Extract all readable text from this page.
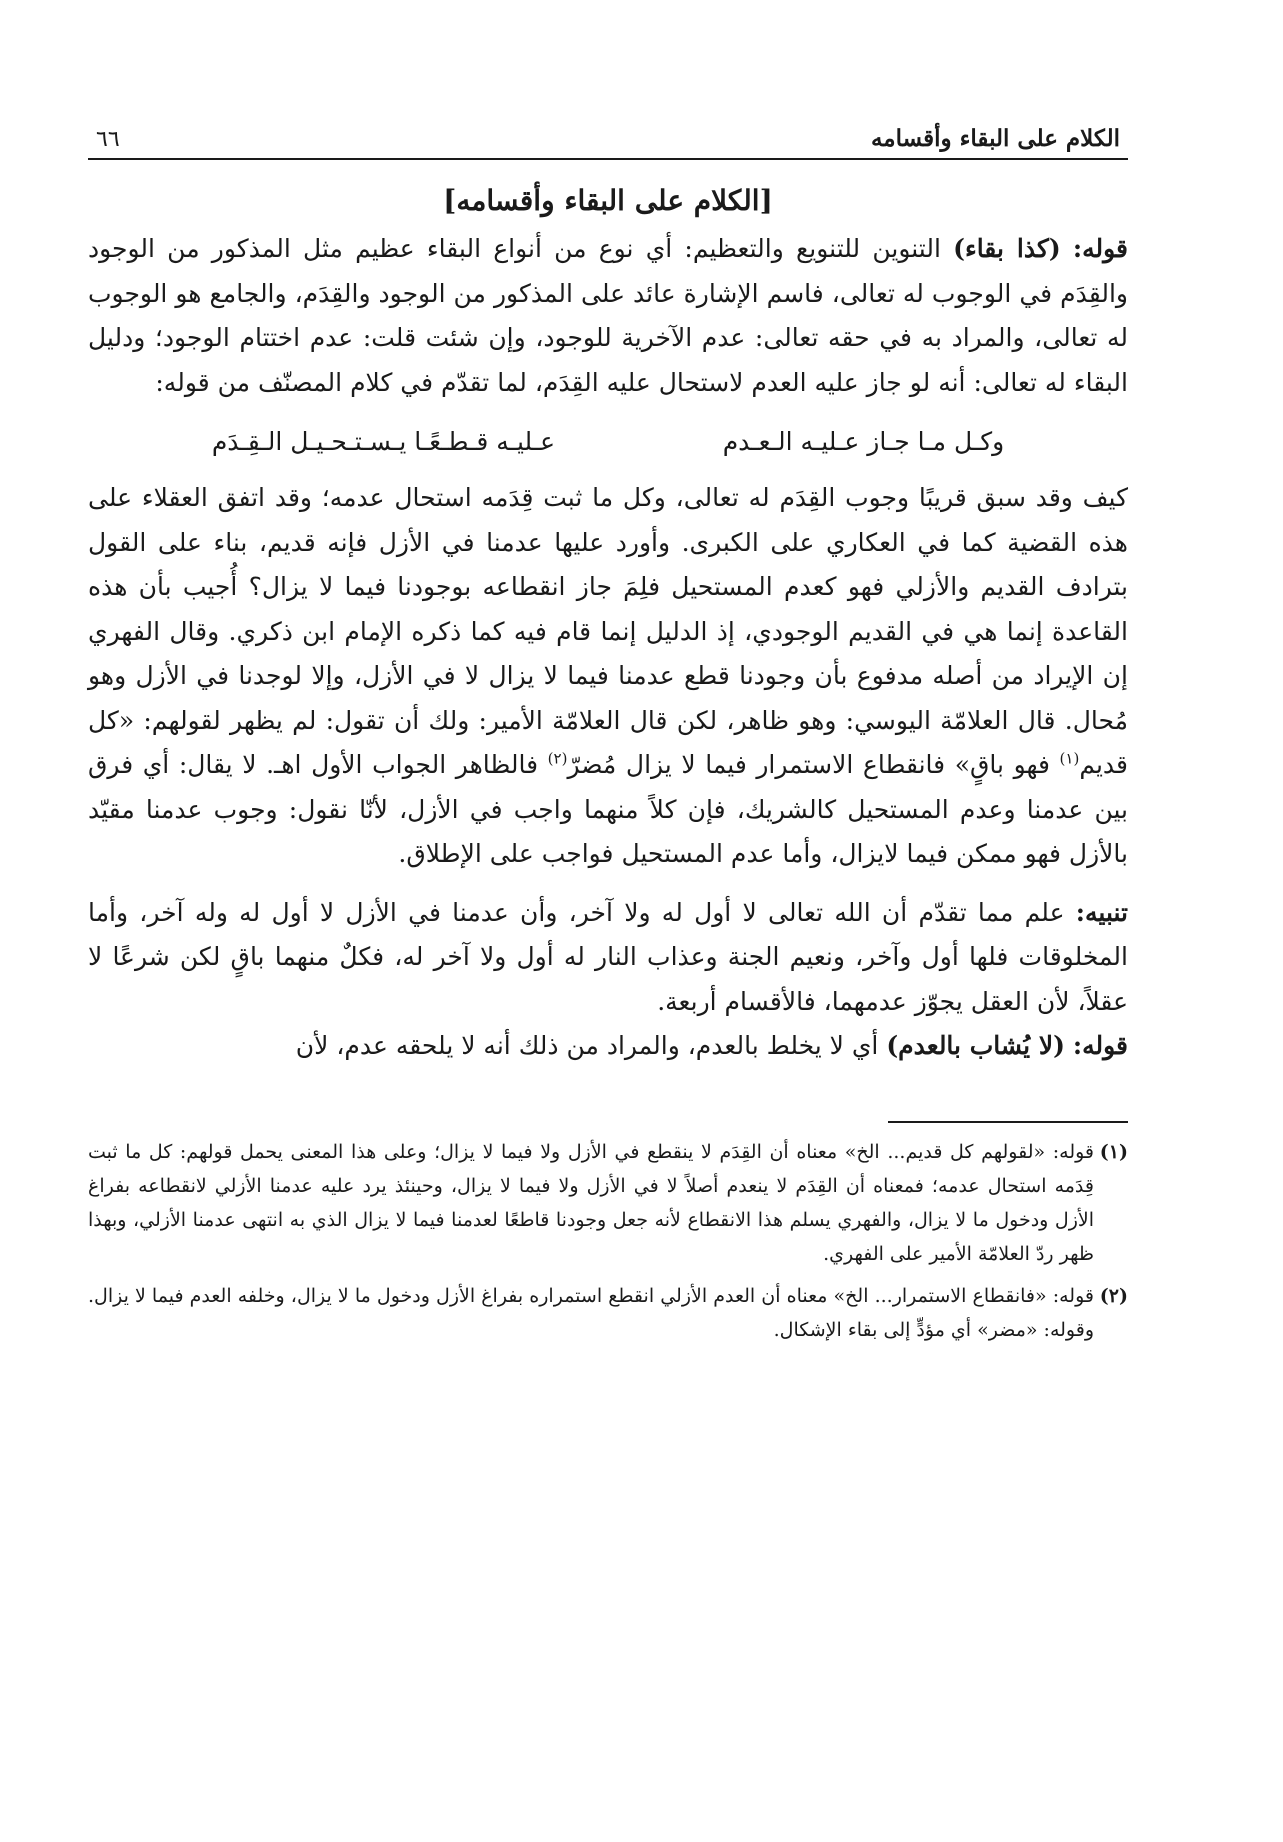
الكلام على البقاء وأقسامه
٦٦
[الكلام على البقاء وأقسامه]

قوله: (كذا بقاء) التنوين للتنويع والتعظيم: أي نوع من أنواع البقاء عظيم مثل المذكور من الوجود والقِدَم في الوجوب له تعالى، فاسم الإشارة عائد على المذكور من الوجود والقِدَم، والجامع هو الوجوب له تعالى، والمراد به في حقه تعالى: عدم الآخرية للوجود، وإن شئت قلت: عدم اختتام الوجود؛ ودليل البقاء له تعالى: أنه لو جاز عليه العدم لاستحال عليه القِدَم، لما تقدّم في كلام المصنّف من قوله:

وكـل مـا جـاز عـليـه الـعـدم
عـليـه قـطـعًـا يـسـتـحـيـل الـقِـدَم

كيف وقد سبق قريبًا وجوب القِدَم له تعالى، وكل ما ثبت قِدَمه استحال عدمه؛ وقد اتفق العقلاء على هذه القضية كما في العكاري على الكبرى. وأورد عليها عدمنا في الأزل فإنه قديم، بناء على القول بترادف القديم والأزلي فهو كعدم المستحيل فلِمَ جاز انقطاعه بوجودنا فيما لا يزال؟ أُجيب بأن هذه القاعدة إنما هي في القديم الوجودي، إذ الدليل إنما قام فيه كما ذكره الإمام ابن ذكري. وقال الفهري إن الإيراد من أصله مدفوع بأن وجودنا قطع عدمنا فيما لا يزال لا في الأزل، وإلا لوجدنا في الأزل وهو مُحال. قال العلامّة اليوسي: وهو ظاهر، لكن قال العلامّة الأمير: ولك أن تقول: لم يظهر لقولهم: «كل قديم$^{(١)}$ فهو باقٍ» فانقطاع الاستمرار فيما لا يزال مُضرّ$^{(٢)}$ فالظاهر الجواب الأول اهـ. لا يقال: أي فرق بين عدمنا وعدم المستحيل كالشريك، فإن كلاً منهما واجب في الأزل، لأنّا نقول: وجوب عدمنا مقيّد بالأزل فهو ممكن فيما لايزال، وأما عدم المستحيل فواجب على الإطلاق.

تنبيه: علم مما تقدّم أن الله تعالى لا أول له ولا آخر، وأن عدمنا في الأزل لا أول له وله آخر، وأما المخلوقات فلها أول وآخر، ونعيم الجنة وعذاب النار له أول ولا آخر له، فكلٌ منهما باقٍ لكن شرعًا لا عقلاً، لأن العقل يجوّز عدمهما، فالأقسام أربعة.
قوله: (لا يُشاب بالعدم) أي لا يخلط بالعدم، والمراد من ذلك أنه لا يلحقه عدم، لأن

(١)
قوله: «لقولهم كل قديم... الخ» معناه أن القِدَم لا ينقطع في الأزل ولا فيما لا يزال؛ وعلى هذا المعنى يحمل قولهم: كل ما ثبت قِدَمه استحال عدمه؛ فمعناه أن القِدَم لا ينعدم أصلاً لا في الأزل ولا فيما لا يزال، وحينئذ يرد عليه عدمنا الأزلي لانقطاعه بفراغ الأزل ودخول ما لا يزال، والفهري يسلم هذا الانقطاع لأنه جعل وجودنا قاطعًا لعدمنا فيما لا يزال الذي به انتهى عدمنا الأزلي، وبهذا ظهر ردّ العلامّة الأمير على الفهري.
(٢)
قوله: «فانقطاع الاستمرار... الخ» معناه أن العدم الأزلي انقطع استمراره بفراغ الأزل ودخول ما لا يزال، وخلفه العدم فيما لا يزال. وقوله: «مضر» أي مؤدٍّ إلى بقاء الإشكال.
